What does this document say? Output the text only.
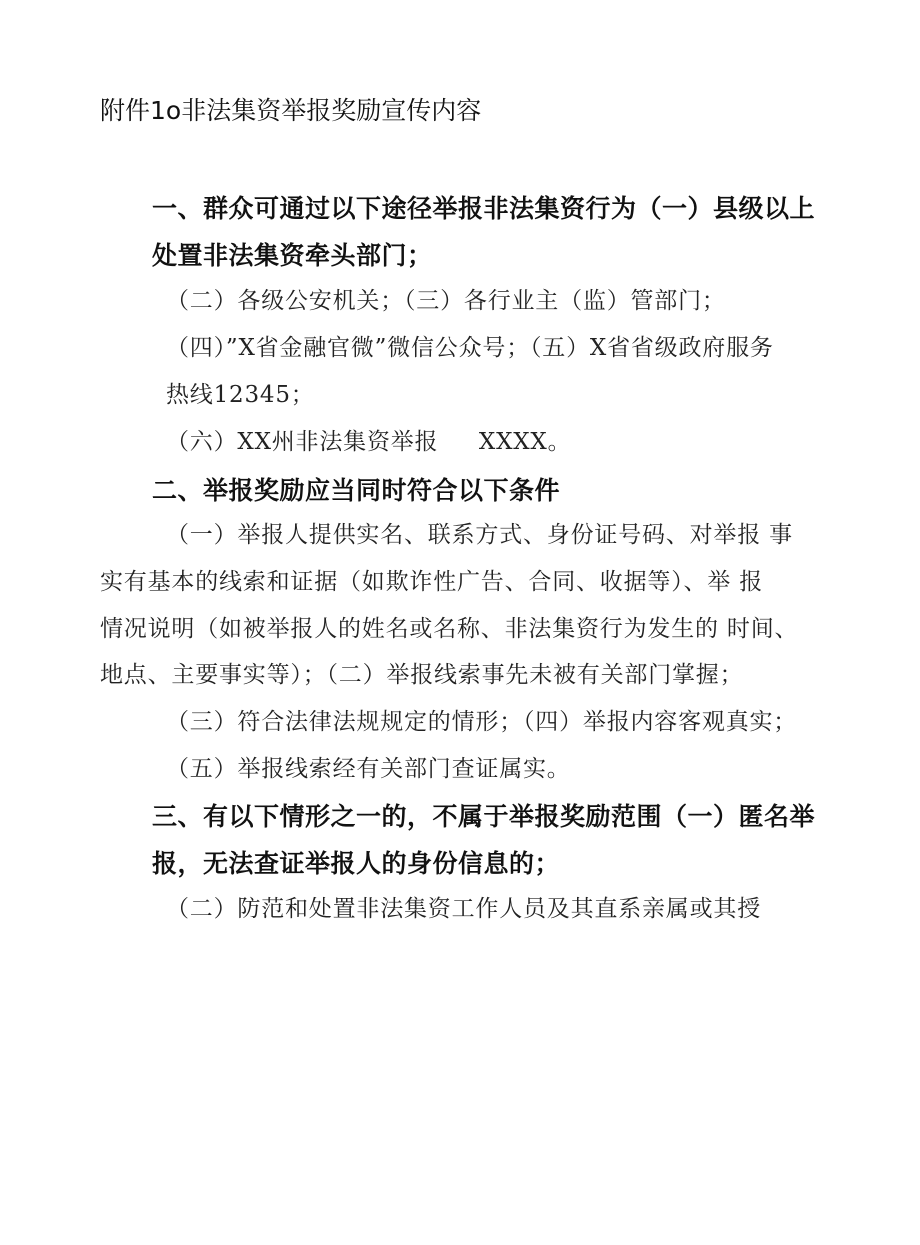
附件1o非法集资举报奖励宣传内容
一、群众可通过以下途径举报非法集资行为（一）县级以上
处置非法集资牵头部门；
（二）各级公安机关；（三）各行业主（监）管部门；
（四）”X省金融官微”微信公众号；（五）X省省级政府服务
热线12345；
（六）XX州非法集资举报     XXXX。
二、举报奖励应当同时符合以下条件
（一）举报人提供实名、联系方式、身份证号码、对举报 事
实有基本的线索和证据（如欺诈性广告、合同、收据等）、举 报
情况说明（如被举报人的姓名或名称、非法集资行为发生的 时间、
地点、主要事实等）；（二）举报线索事先未被有关部门掌握；
（三）符合法律法规规定的情形；（四）举报内容客观真实；
（五）举报线索经有关部门查证属实。
三、有以下情形之一的，不属于举报奖励范围（一）匿名举
报，无法查证举报人的身份信息的；
（二）防范和处置非法集资工作人员及其直系亲属或其授
